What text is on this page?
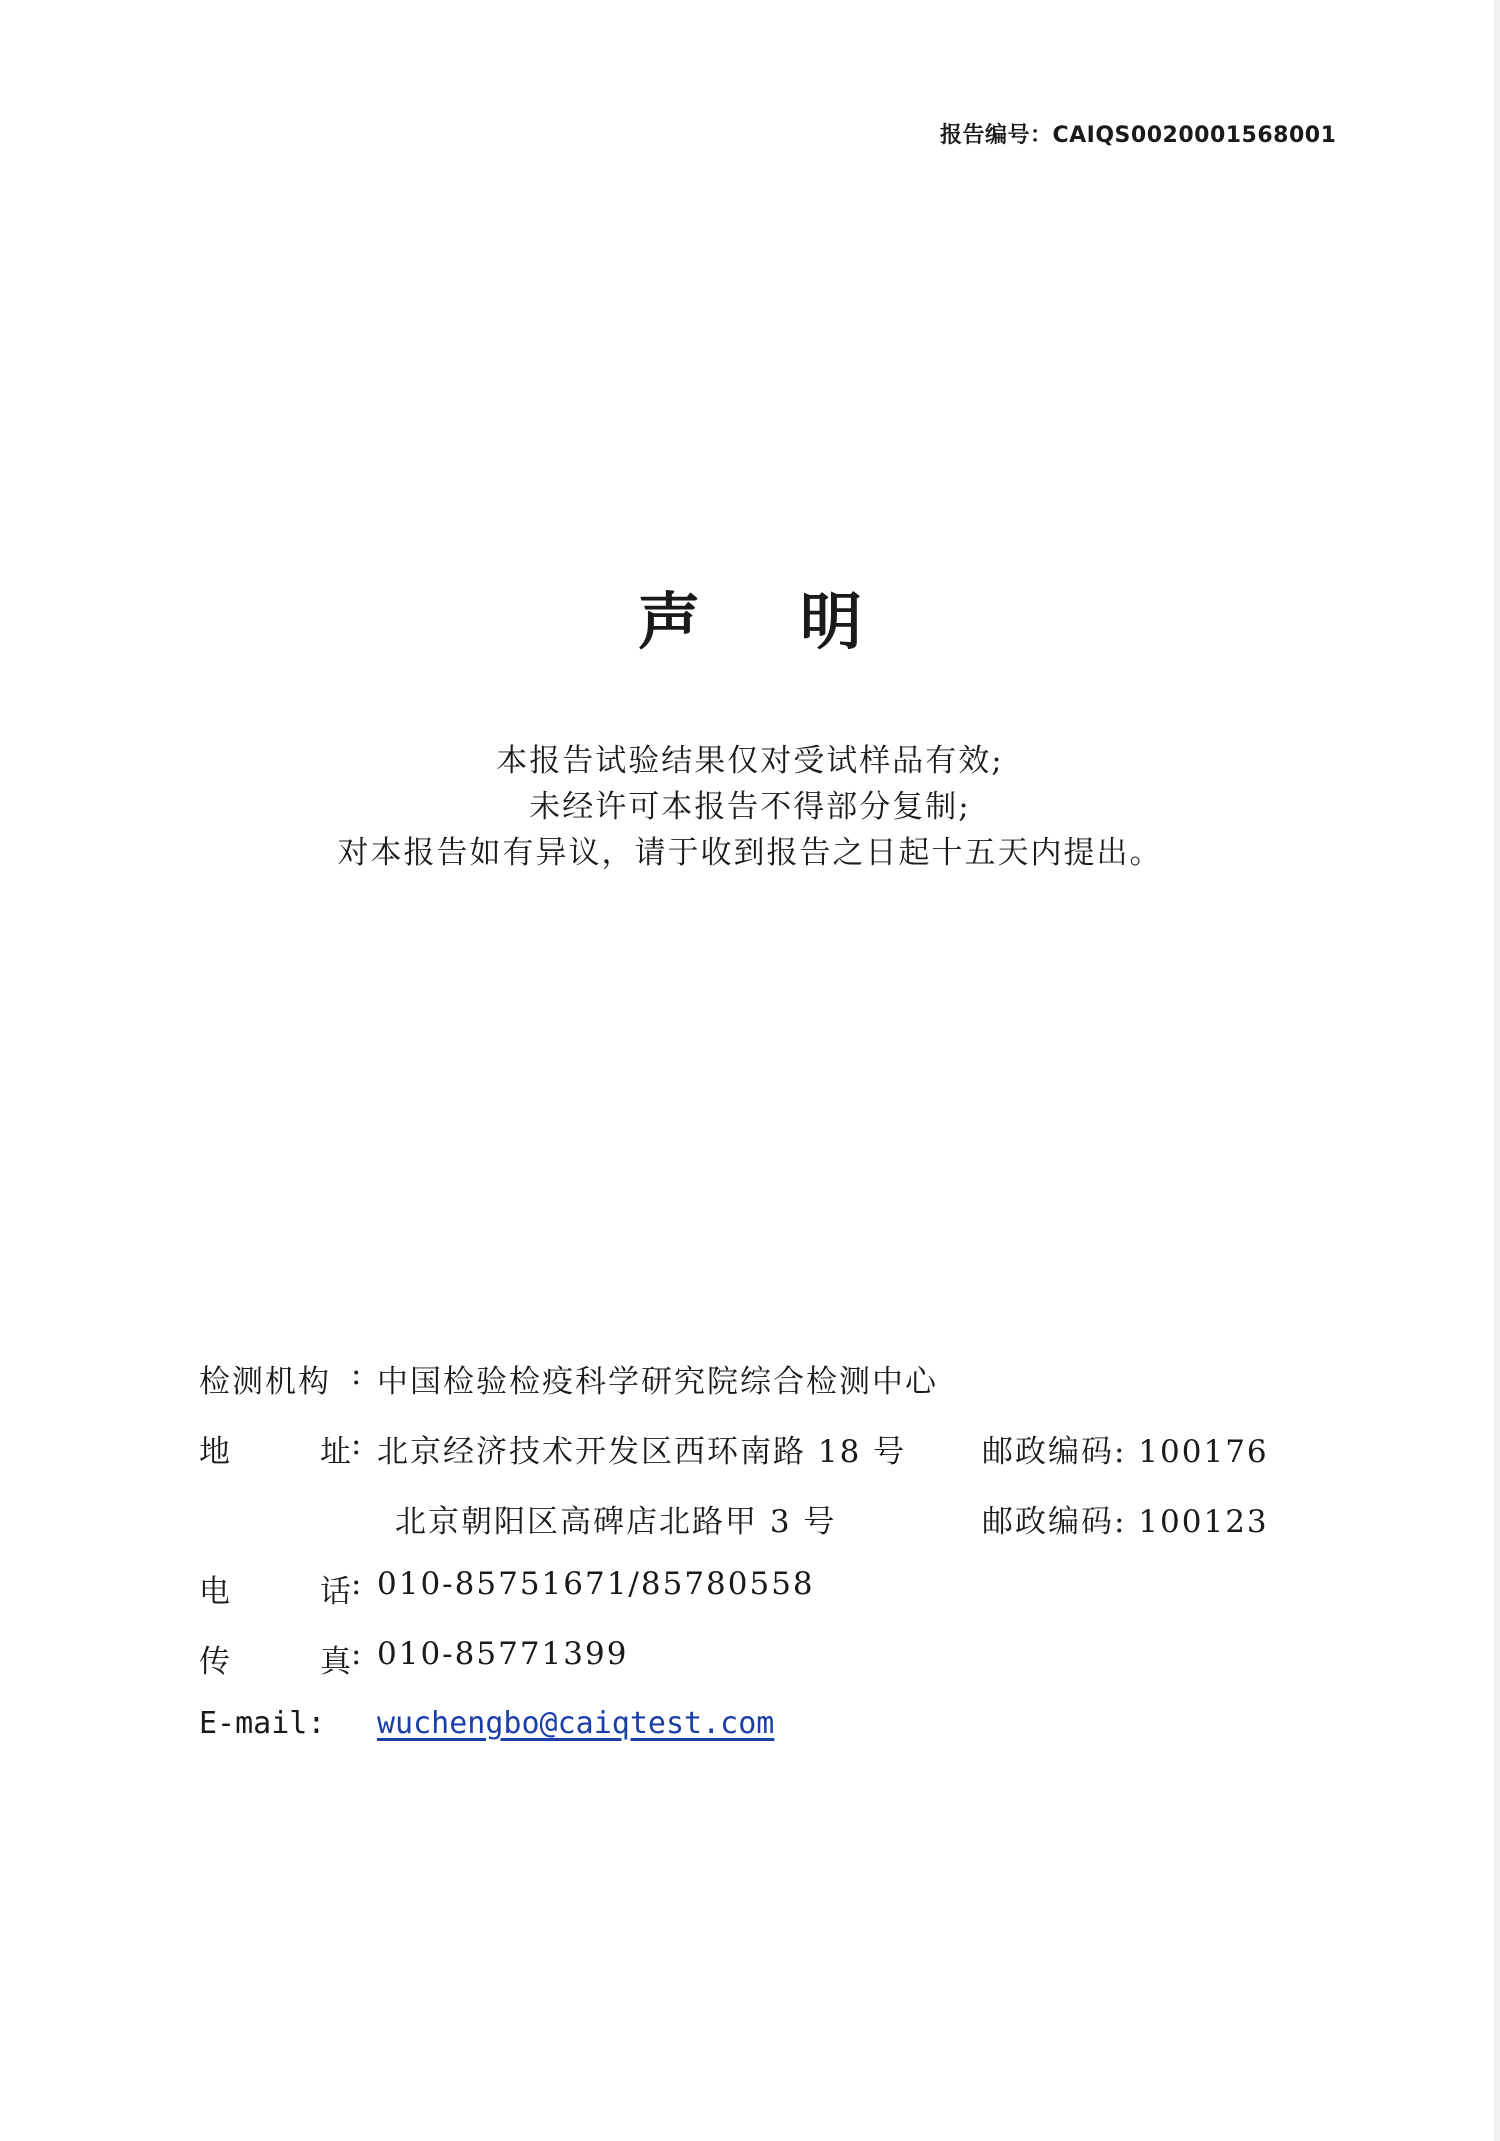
报告编号：CAIQS0020001568001
声明
本报告试验结果仅对受试样品有效;
未经许可本报告不得部分复制;
对本报告如有异议，请于收到报告之日起十五天内提出。
检测机构 : 中国检验检疫科学研究院综合检测中心
地	址 : 北京经济技术开发区西环南路 18 号 邮政编码: 100176
北京朝阳区高碑店北路甲 3 号	邮政编码: 100123
电	话 : 010-85751671/85780558
传	真 : 010-85771399
E-mail: wuchengbo@caiqtest.com
